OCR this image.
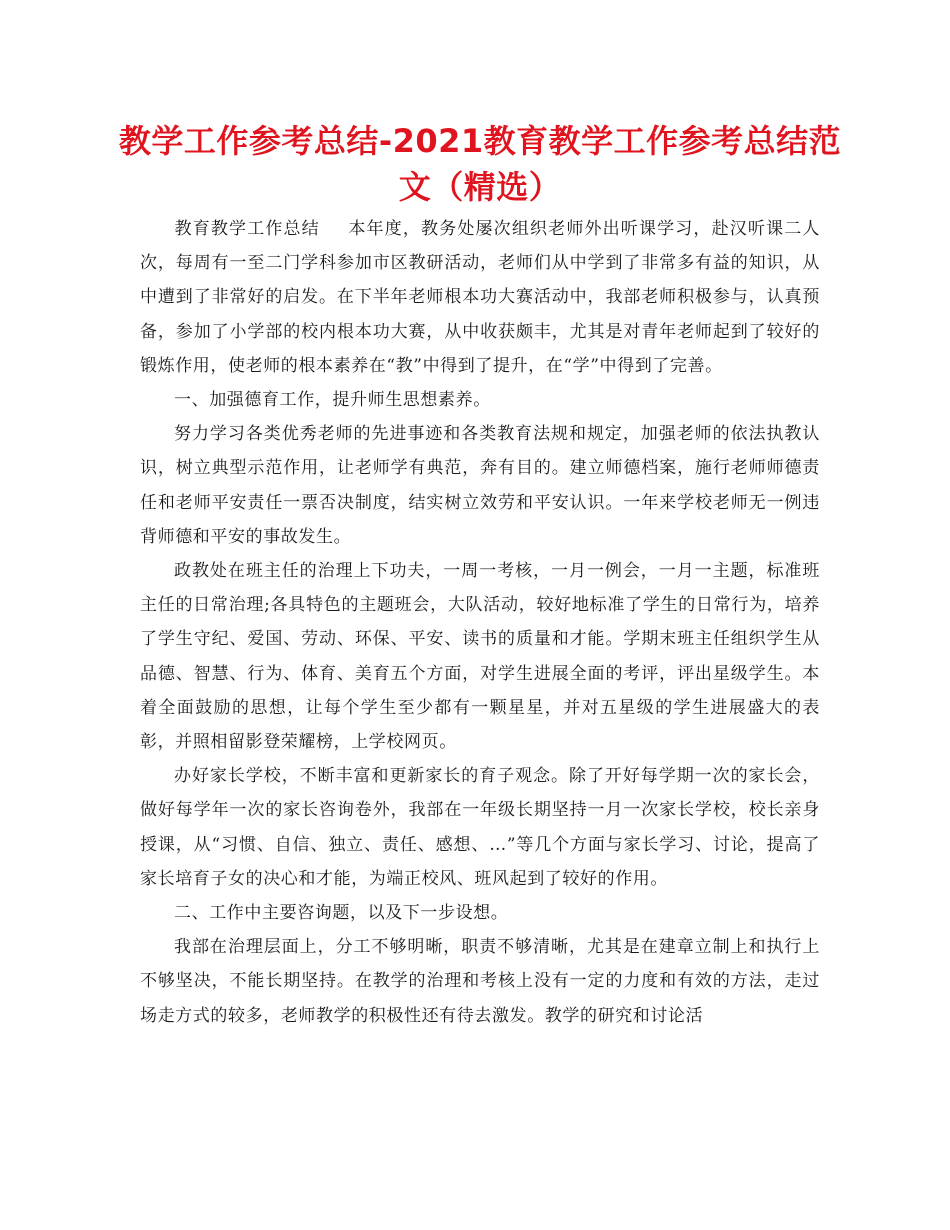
教学工作参考总结-2021教育教学工作参考总结范文（精选）

教育教学工作总结 本年度，教务处屡次组织老师外出听课学习，赴汉听课二人次，每周有一至二门学科参加市区教研活动，老师们从中学到了非常多有益的知识，从中遭到了非常好的启发。在下半年老师根本功大赛活动中，我部老师积极参与，认真预备，参加了小学部的校内根本功大赛，从中收获颇丰，尤其是对青年老师起到了较好的锻炼作用，使老师的根本素养在“教”中得到了提升，在“学”中得到了完善。

一、加强德育工作，提升师生思想素养。

努力学习各类优秀老师的先进事迹和各类教育法规和规定，加强老师的依法执教认识，树立典型示范作用，让老师学有典范，奔有目的。建立师德档案，施行老师师德责任和老师平安责任一票否决制度，结实树立效劳和平安认识。一年来学校老师无一例违背师德和平安的事故发生。

政教处在班主任的治理上下功夫，一周一考核，一月一例会，一月一主题，标准班主任的日常治理;各具特色的主题班会，大队活动，较好地标准了学生的日常行为，培养了学生守纪、爱国、劳动、环保、平安、读书的质量和才能。学期末班主任组织学生从品德、智慧、行为、体育、美育五个方面，对学生进展全面的考评，评出星级学生。本着全面鼓励的思想，让每个学生至少都有一颗星星，并对五星级的学生进展盛大的表彰，并照相留影登荣耀榜，上学校网页。

办好家长学校，不断丰富和更新家长的育子观念。除了开好每学期一次的家长会，做好每学年一次的家长咨询卷外，我部在一年级长期坚持一月一次家长学校，校长亲身授课，从“习惯、自信、独立、责任、感想、…”等几个方面与家长学习、讨论，提高了家长培育子女的决心和才能，为端正校风、班风起到了较好的作用。

二、工作中主要咨询题，以及下一步设想。

我部在治理层面上，分工不够明晰，职责不够清晰，尤其是在建章立制上和执行上不够坚决，不能长期坚持。在教学的治理和考核上没有一定的力度和有效的方法，走过场走方式的较多，老师教学的积极性还有待去激发。教学的研究和讨论活
